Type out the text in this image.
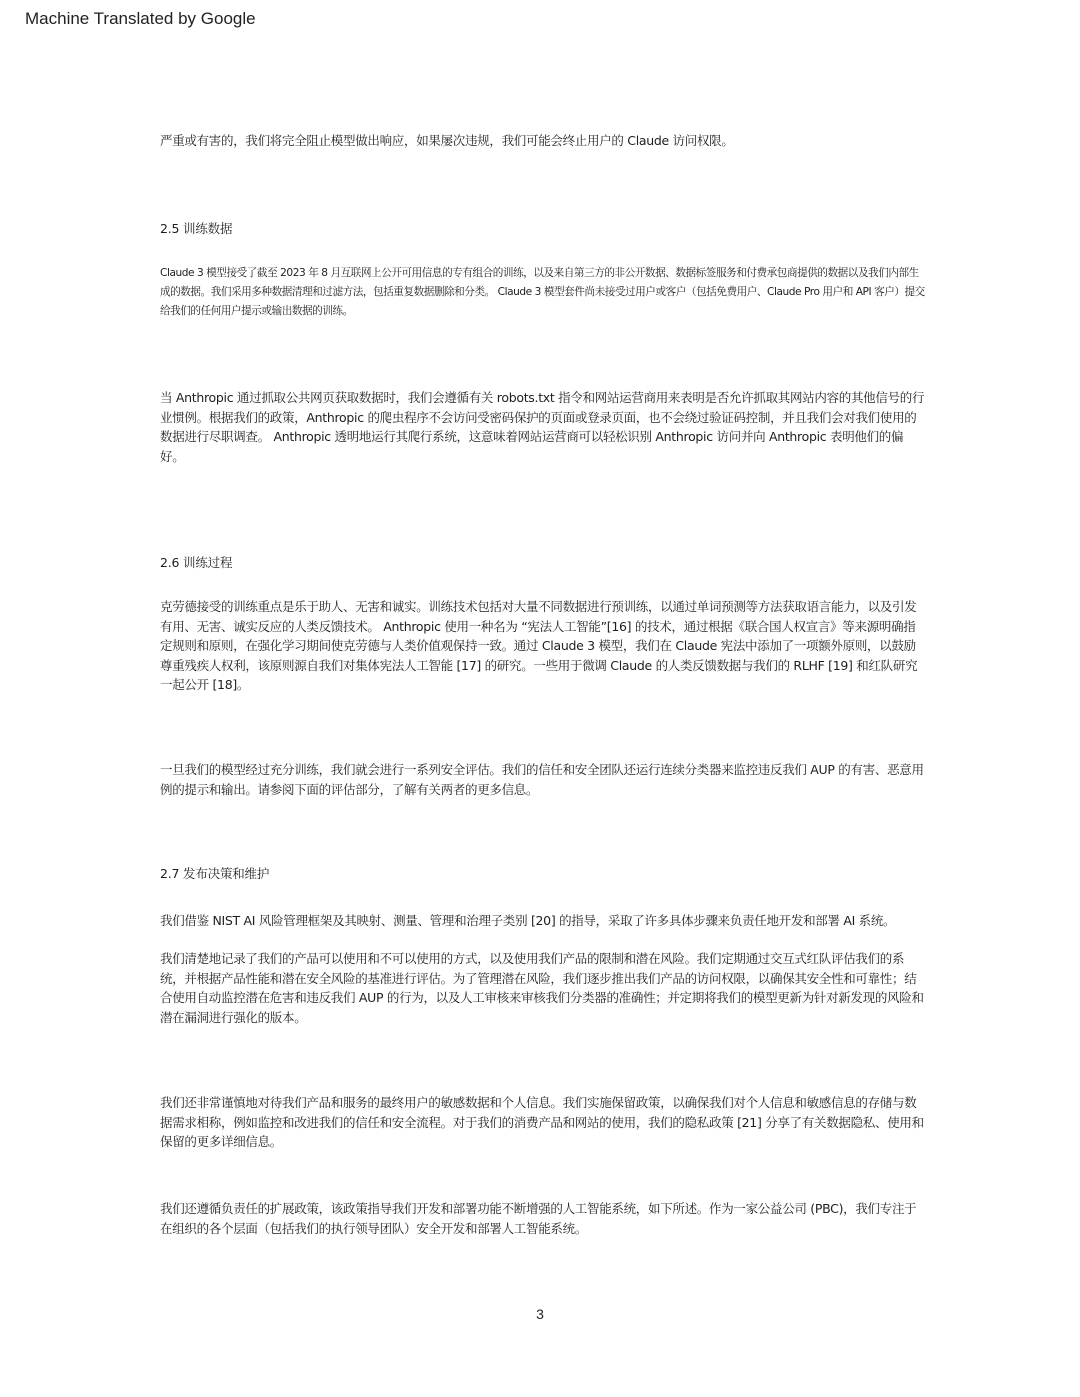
Machine Translated by Google
严重或有害的，我们将完全阻止模型做出响应，如果屡次违规，我们可能会终止用户的 Claude 访问权限。
2.5 训练数据
Claude 3 模型接受了截至 2023 年 8 月互联网上公开可用信息的专有组合的训练，以及来自第三方的非公开数据、数据标签服务和付费承包商提供的数据以及我们内部生成的数据。我们采用多种数据清理和过滤方法，包括重复数据删除和分类。 Claude 3 模型套件尚未接受过用户或客户（包括免费用户、Claude Pro 用户和 API 客户）提交给我们的任何用户提示或输出数据的训练。
当 Anthropic 通过抓取公共网页获取数据时，我们会遵循有关 robots.txt 指令和网站运营商用来表明是否允许抓取其网站内容的其他信号的行业惯例。根据我们的政策，Anthropic 的爬虫程序不会访问受密码保护的页面或登录页面，也不会绕过验证码控制，并且我们会对我们使用的数据进行尽职调查。 Anthropic 透明地运行其爬行系统，这意味着网站运营商可以轻松识别 Anthropic 访问并向 Anthropic 表明他们的偏好。
2.6 训练过程
克劳德接受的训练重点是乐于助人、无害和诚实。训练技术包括对大量不同数据进行预训练，以通过单词预测等方法获取语言能力，以及引发有用、无害、诚实反应的人类反馈技术。 Anthropic 使用一种名为 “宪法人工智能”[16] 的技术，通过根据《联合国人权宣言》等来源明确指定规则和原则，在强化学习期间使克劳德与人类价值观保持一致。通过 Claude 3 模型，我们在 Claude 宪法中添加了一项额外原则，以鼓励尊重残疾人权利，该原则源自我们对集体宪法人工智能 [17] 的研究。一些用于微调 Claude 的人类反馈数据与我们的 RLHF [19] 和红队研究一起公开 [18]。
一旦我们的模型经过充分训练，我们就会进行一系列安全评估。我们的信任和安全团队还运行连续分类器来监控违反我们 AUP 的有害、恶意用例的提示和输出。请参阅下面的评估部分，了解有关两者的更多信息。
2.7 发布决策和维护
我们借鉴 NIST AI 风险管理框架及其映射、测量、管理和治理子类别 [20] 的指导，采取了许多具体步骤来负责任地开发和部署 AI 系统。
我们清楚地记录了我们的产品可以使用和不可以使用的方式，以及使用我们产品的限制和潜在风险。我们定期通过交互式红队评估我们的系统，并根据产品性能和潜在安全风险的基准进行评估。为了管理潜在风险，我们逐步推出我们产品的访问权限，以确保其安全性和可靠性；结合使用自动监控潜在危害和违反我们 AUP 的行为，以及人工审核来审核我们分类器的准确性；并定期将我们的模型更新为针对新发现的风险和潜在漏洞进行强化的版本。
我们还非常谨慎地对待我们产品和服务的最终用户的敏感数据和个人信息。我们实施保留政策，以确保我们对个人信息和敏感信息的存储与数据需求相称，例如监控和改进我们的信任和安全流程。对于我们的消费产品和网站的使用，我们的隐私政策 [21] 分享了有关数据隐私、使用和保留的更多详细信息。
我们还遵循负责任的扩展政策，该政策指导我们开发和部署功能不断增强的人工智能系统，如下所述。作为一家公益公司 (PBC)，我们专注于在组织的各个层面（包括我们的执行领导团队）安全开发和部署人工智能系统。
3
